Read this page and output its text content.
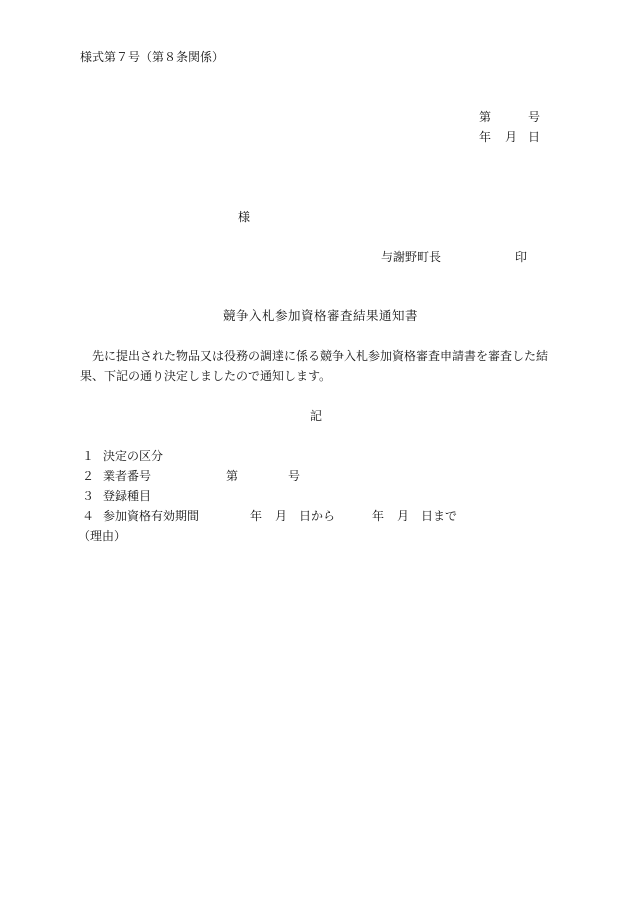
様式第７号（第８条関係）
第	号
年 月 日
様
与謝野町長	印
競争入札参加資格審査結果通知書
　先に提出された物品又は役務の調達に係る競争入札参加資格審査申請書を審査した結果、下記の通り決定しましたので通知します。
記
１ 決定の区分
２ 業者番号	第	号
３ 登録種目
４ 参加資格有効期間	年 月 日から	年 月 日まで
（理由）
